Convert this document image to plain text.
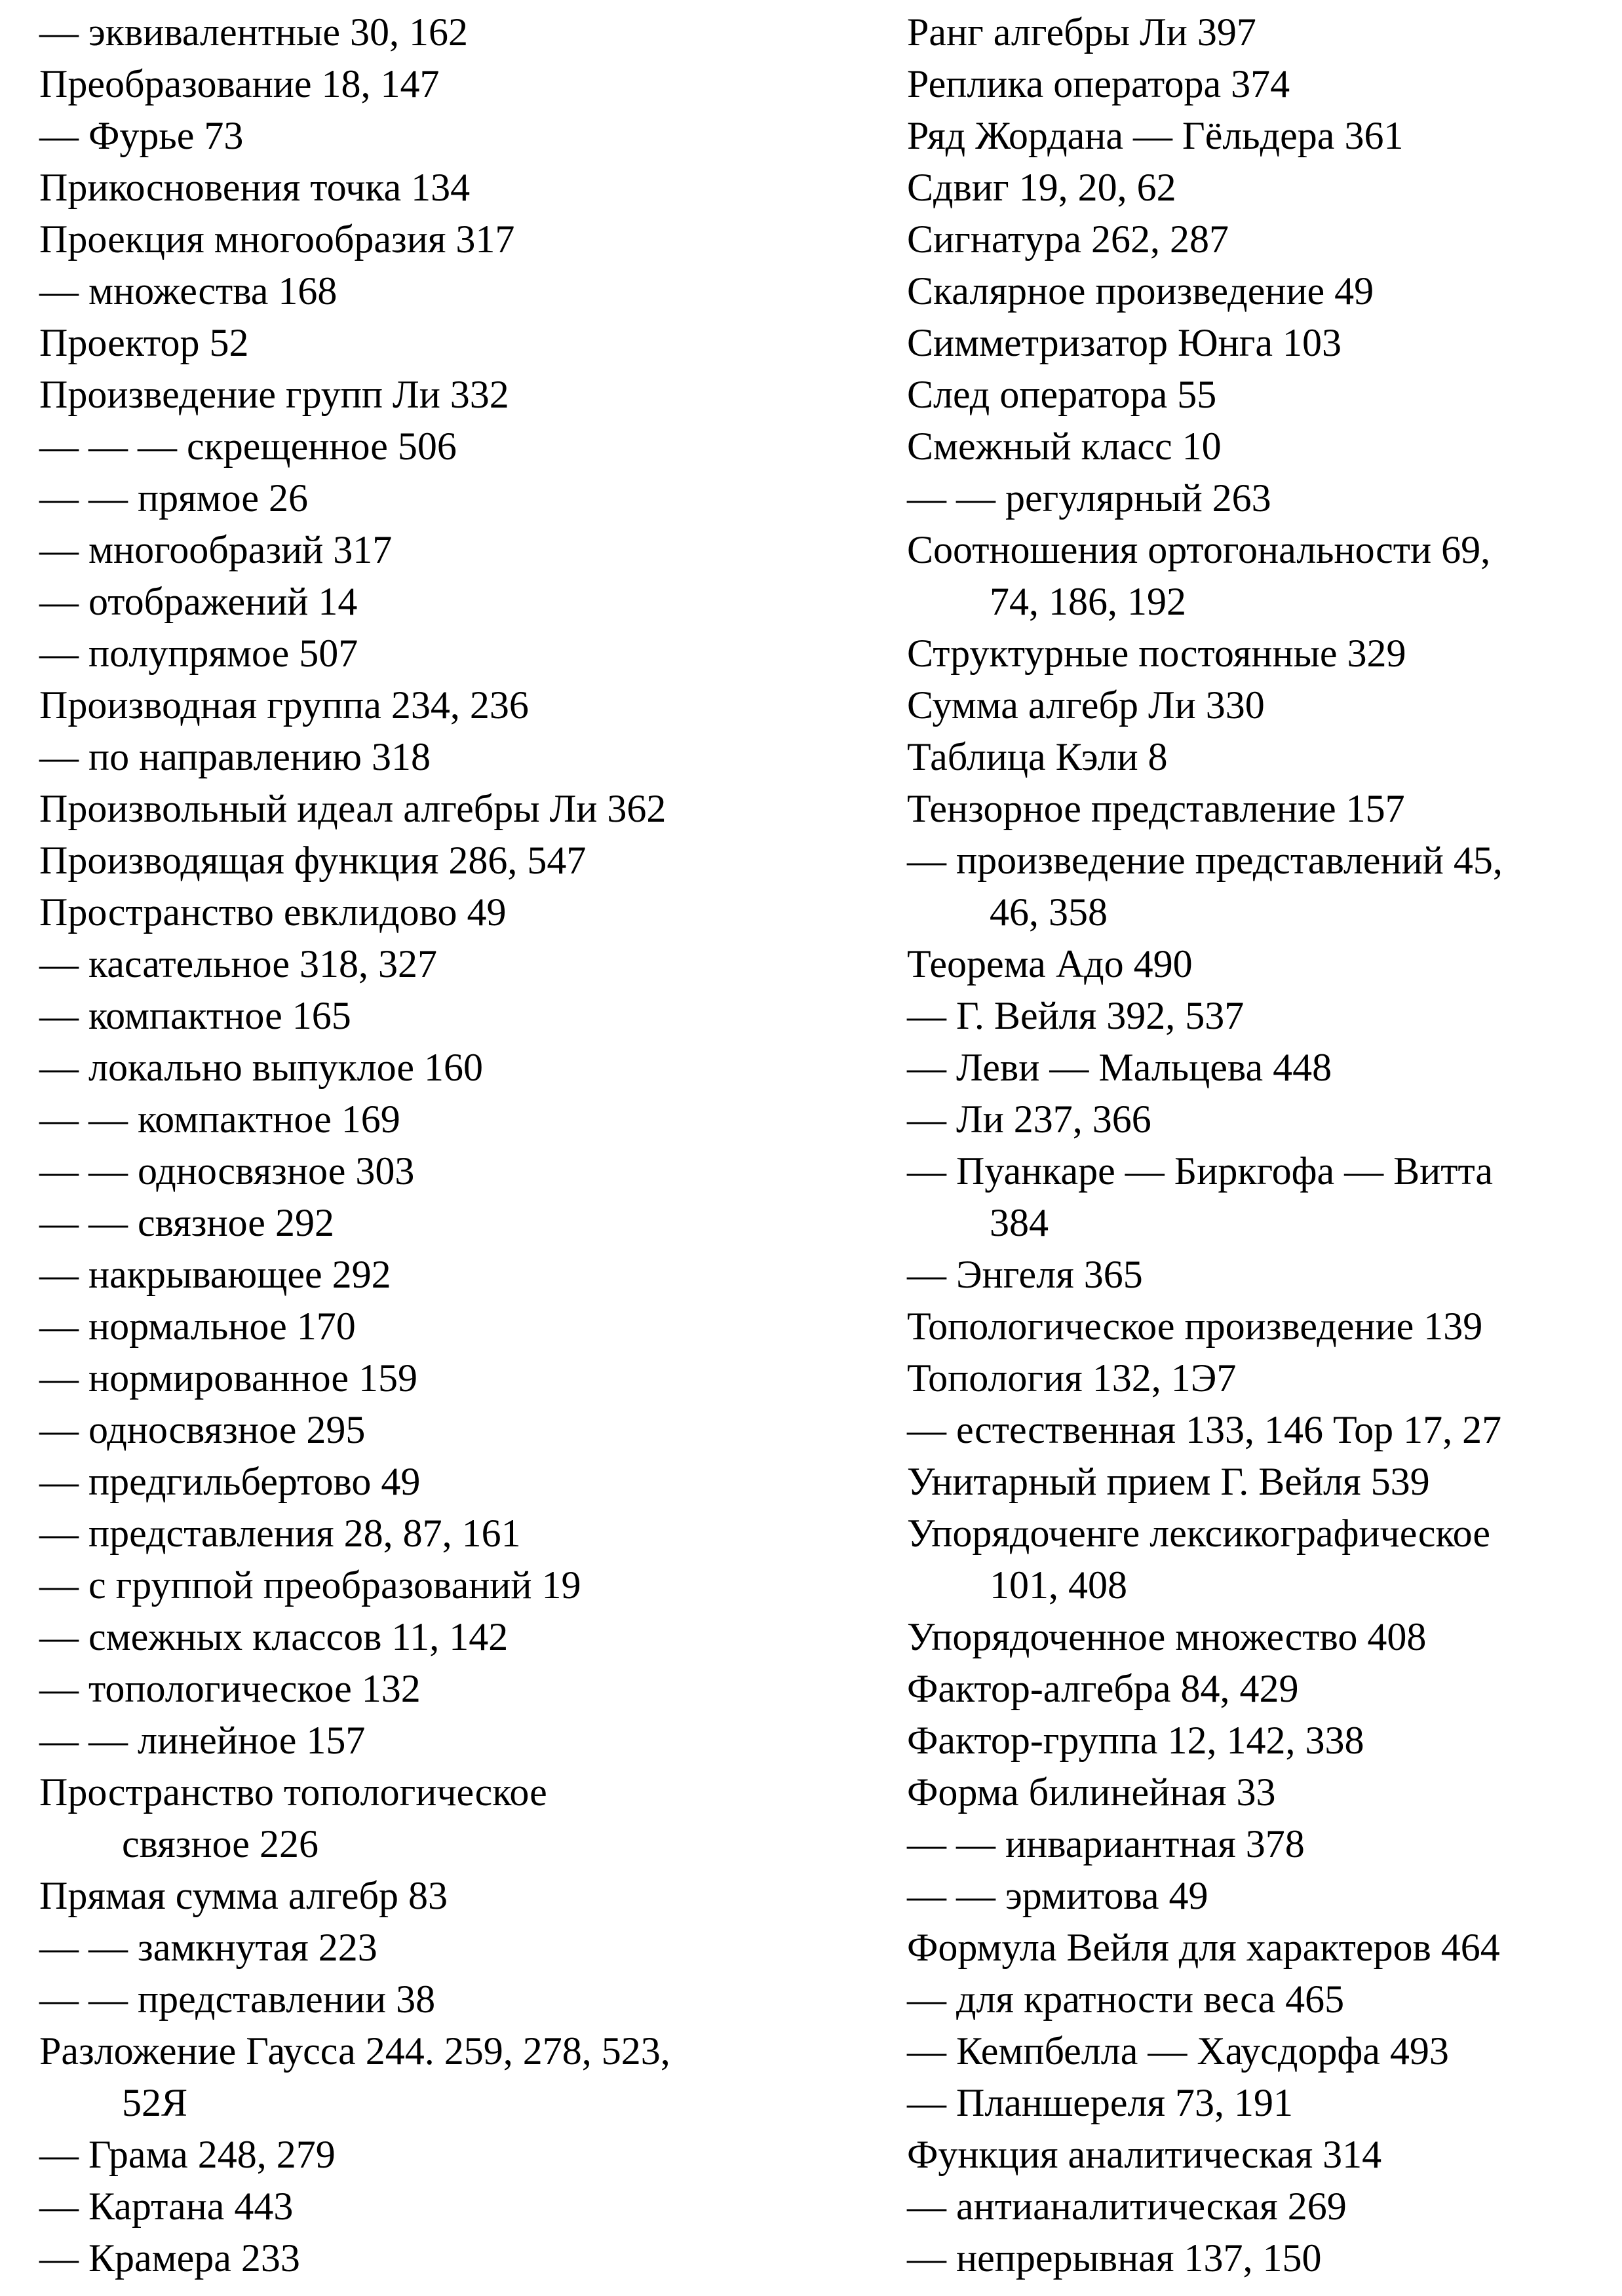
— эквивалентные 30, 162
Преобразование 18, 147
— Фурье 73
Прикосновения точка 134
Проекция многообразия 317
— множества 168
Проектор 52
Произведение групп Ли 332
— — — скрещенное 506
— — прямое 26
— многообразий 317
— отображений 14
— полупрямое 507
Производная группа 234, 236
— по направлению 318
Произвольный идеал алгебры Ли 362
Производящая функция 286, 547
Пространство евклидово 49
— касательное 318, 327
— компактное 165
— локально выпуклое 160
— — компактное 169
— — односвязное 303
— — связное 292
— накрывающее 292
— нормальное 170
— нормированное 159
— односвязное 295
— предгильбертово 49
— представления 28, 87, 161
— с группой преобразований 19
— смежных классов 11, 142
— топологическое 132
— — линейное 157
Пространство топологическое
связное 226
Прямая сумма алгебр 83
— — замкнутая 223
— — представлении 38
Разложение Гаусса 244. 259, 278, 523,
52Я
— Грама 248, 279
— Картана 443
— Крамера 233
Ранг алгебры Ли 397
Реплика оператора 374
Ряд Жордана — Гёльдера 361
Сдвиг 19, 20, 62
Сигнатура 262, 287
Скалярное произведение 49
Симметризатор Юнга 103
След оператора 55
Смежный класс 10
— — регулярный 263
Соотношения ортогональности 69,
74, 186, 192
Структурные постоянные 329
Сумма алгебр Ли 330
Таблица Кэли 8
Тензорное представление 157
— произведение представлений 45,
46, 358
Теорема Адо 490
— Г. Вейля 392, 537
— Леви — Мальцева 448
— Ли 237, 366
— Пуанкаре — Биркгофа — Витта
384
— Энгеля 365
Топологическое произведение 139
Топология 132, 1Э7
— естественная 133, 146 Тор 17, 27
Унитарный прием Г. Вейля 539
Упорядоченге лексикографическое
101, 408
Упорядоченное множество 408
Фактор-алгебра 84, 429
Фактор-группа 12, 142, 338
Форма билинейная 33
— — инвариантная 378
— — эрмитова 49
Формула Вейля для характеров 464
— для кратности веса 465
— Кемпбелла — Хаусдорфа 493
— Планшереля 73, 191
Функция аналитическая 314
— антианалитическая 269
— непрерывная 137, 150
